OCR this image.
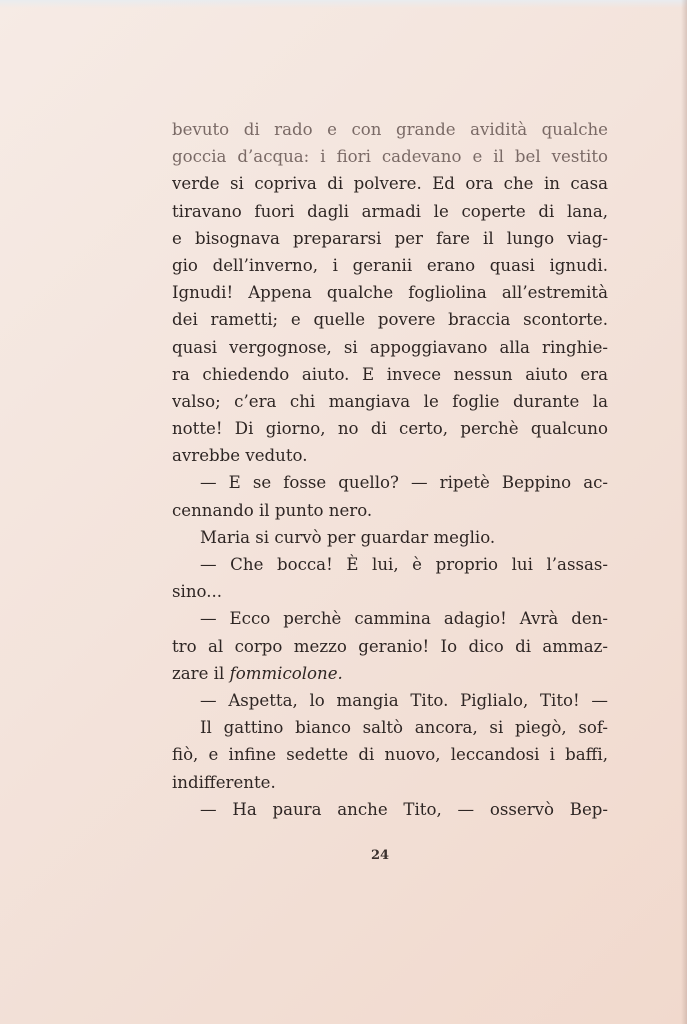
bevuto di rado e con grande avidità qualche
goccia d’acqua: i fiori cadevano e il bel vestito
verde si copriva di polvere. Ed ora che in casa
tiravano fuori dagli armadi le coperte di lana,
e bisognava prepararsi per fare il lungo viag-
gio dell’inverno, i geranii erano quasi ignudi.
Ignudi! Appena qualche fogliolina all’estremità
dei rametti; e quelle povere braccia scontorte.
quasi vergognose, si appoggiavano alla ringhie-
ra chiedendo aiuto. E invece nessun aiuto era
valso; c’era chi mangiava le foglie durante la
notte! Di giorno, no di certo, perchè qualcuno
avrebbe veduto.
— E se fosse quello? — ripetè Beppino ac-
cennando il punto nero.
Maria si curvò per guardar meglio.
— Che bocca! È lui, è proprio lui l’assas-
sino...
— Ecco perchè cammina adagio! Avrà den-
tro al corpo mezzo geranio! Io dico di ammaz-
zare il fommicolone.
— Aspetta, lo mangia Tito. Piglialo, Tito! —
Il gattino bianco saltò ancora, si piegò, sof-
fiò, e infine sedette di nuovo, leccandosi i baffi,
indifferente.
— Ha paura anche Tito, — osservò Bep-
24
